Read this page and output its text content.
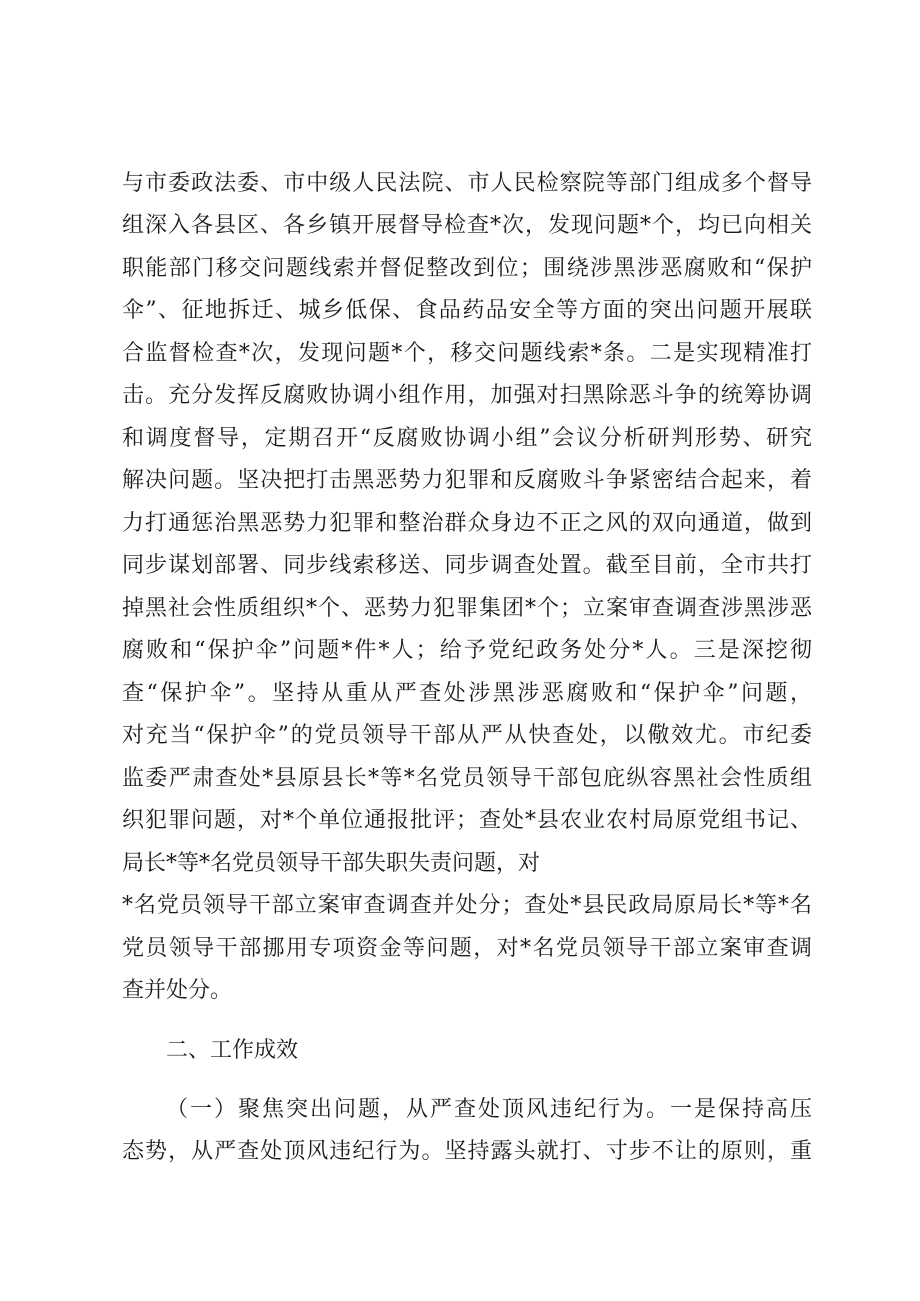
与市委政法委、市中级人民法院、市人民检察院等部门组成多个督导
组深入各县区、各乡镇开展督导检查*次，发现问题*个，均已向相关
职能部门移交问题线索并督促整改到位；围绕涉黑涉恶腐败和“保护
伞”、征地拆迁、城乡低保、食品药品安全等方面的突出问题开展联
合监督检查*次，发现问题*个，移交问题线索*条。二是实现精准打
击。充分发挥反腐败协调小组作用，加强对扫黑除恶斗争的统筹协调
和调度督导，定期召开“反腐败协调小组”会议分析研判形势、研究
解决问题。坚决把打击黑恶势力犯罪和反腐败斗争紧密结合起来，着
力打通惩治黑恶势力犯罪和整治群众身边不正之风的双向通道，做到
同步谋划部署、同步线索移送、同步调查处置。截至目前，全市共打
掉黑社会性质组织*个、恶势力犯罪集团*个；立案审查调查涉黑涉恶
腐败和“保护伞”问题*件*人；给予党纪政务处分*人。三是深挖彻
查“保护伞”。坚持从重从严查处涉黑涉恶腐败和“保护伞”问题，
对充当“保护伞”的党员领导干部从严从快查处，以儆效尤。市纪委
监委严肃查处*县原县长*等*名党员领导干部包庇纵容黑社会性质组
织犯罪问题，对*个单位通报批评；查处*县农业农村局原党组书记、
局长*等*名党员领导干部失职失责问题，对
*名党员领导干部立案审查调查并处分；查处*县民政局原局长*等*名
党员领导干部挪用专项资金等问题，对*名党员领导干部立案审查调
查并处分。
二、工作成效
（一）聚焦突出问题，从严查处顶风违纪行为。一是保持高压
态势，从严查处顶风违纪行为。坚持露头就打、寸步不让的原则，重
